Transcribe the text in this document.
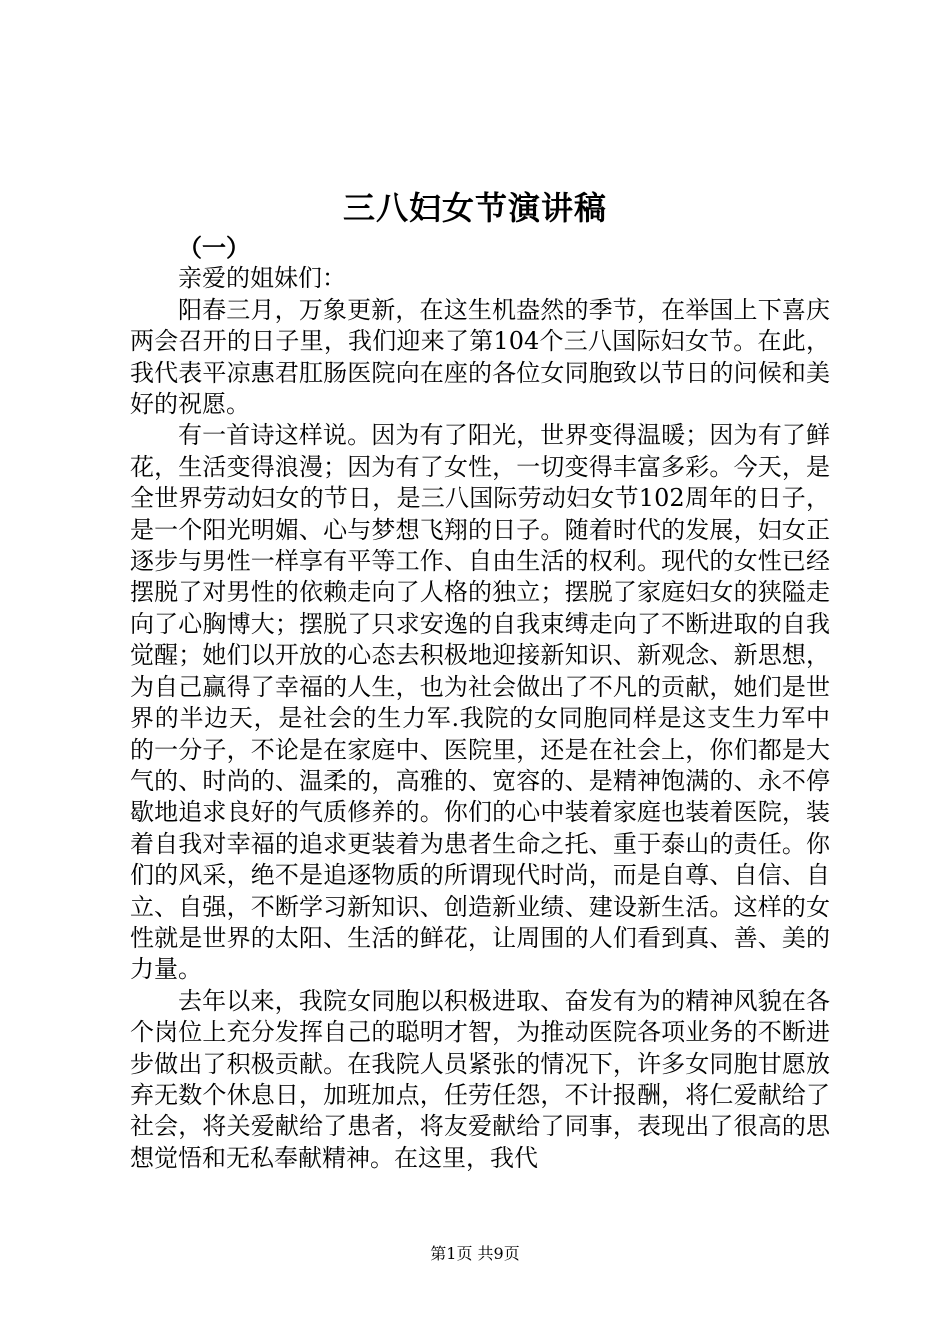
三八妇女节演讲稿

（一）

亲爱的姐妹们：

阳春三月，万象更新，在这生机盎然的季节，在举国上下喜庆两会召开的日子里，我们迎来了第104个三八国际妇女节。在此，我代表平凉惠君肛肠医院向在座的各位女同胞致以节日的问候和美好的祝愿。

有一首诗这样说。因为有了阳光，世界变得温暖；因为有了鲜花，生活变得浪漫；因为有了女性，一切变得丰富多彩。今天，是全世界劳动妇女的节日，是三八国际劳动妇女节102周年的日子，是一个阳光明媚、心与梦想飞翔的日子。随着时代的发展，妇女正逐步与男性一样享有平等工作、自由生活的权利。现代的女性已经摆脱了对男性的依赖走向了人格的独立；摆脱了家庭妇女的狭隘走向了心胸博大；摆脱了只求安逸的自我束缚走向了不断进取的自我觉醒；她们以开放的心态去积极地迎接新知识、新观念、新思想，为自己赢得了幸福的人生，也为社会做出了不凡的贡献，她们是世界的半边天，是社会的生力军.我院的女同胞同样是这支生力军中的一分子，不论是在家庭中、医院里，还是在社会上，你们都是大气的、时尚的、温柔的，高雅的、宽容的、是精神饱满的、永不停歇地追求良好的气质修养的。你们的心中装着家庭也装着医院，装着自我对幸福的追求更装着为患者生命之托、重于泰山的责任。你们的风采，绝不是追逐物质的所谓现代时尚，而是自尊、自信、自立、自强，不断学习新知识、创造新业绩、建设新生活。这样的女性就是世界的太阳、生活的鲜花，让周围的人们看到真、善、美的力量。

去年以来，我院女同胞以积极进取、奋发有为的精神风貌在各个岗位上充分发挥自己的聪明才智，为推动医院各项业务的不断进步做出了积极贡献。在我院人员紧张的情况下，许多女同胞甘愿放弃无数个休息日，加班加点，任劳任怨，不计报酬，将仁爱献给了社会，将关爱献给了患者，将友爱献给了同事，表现出了很高的思想觉悟和无私奉献精神。在这里，我代

第1页 共9页
